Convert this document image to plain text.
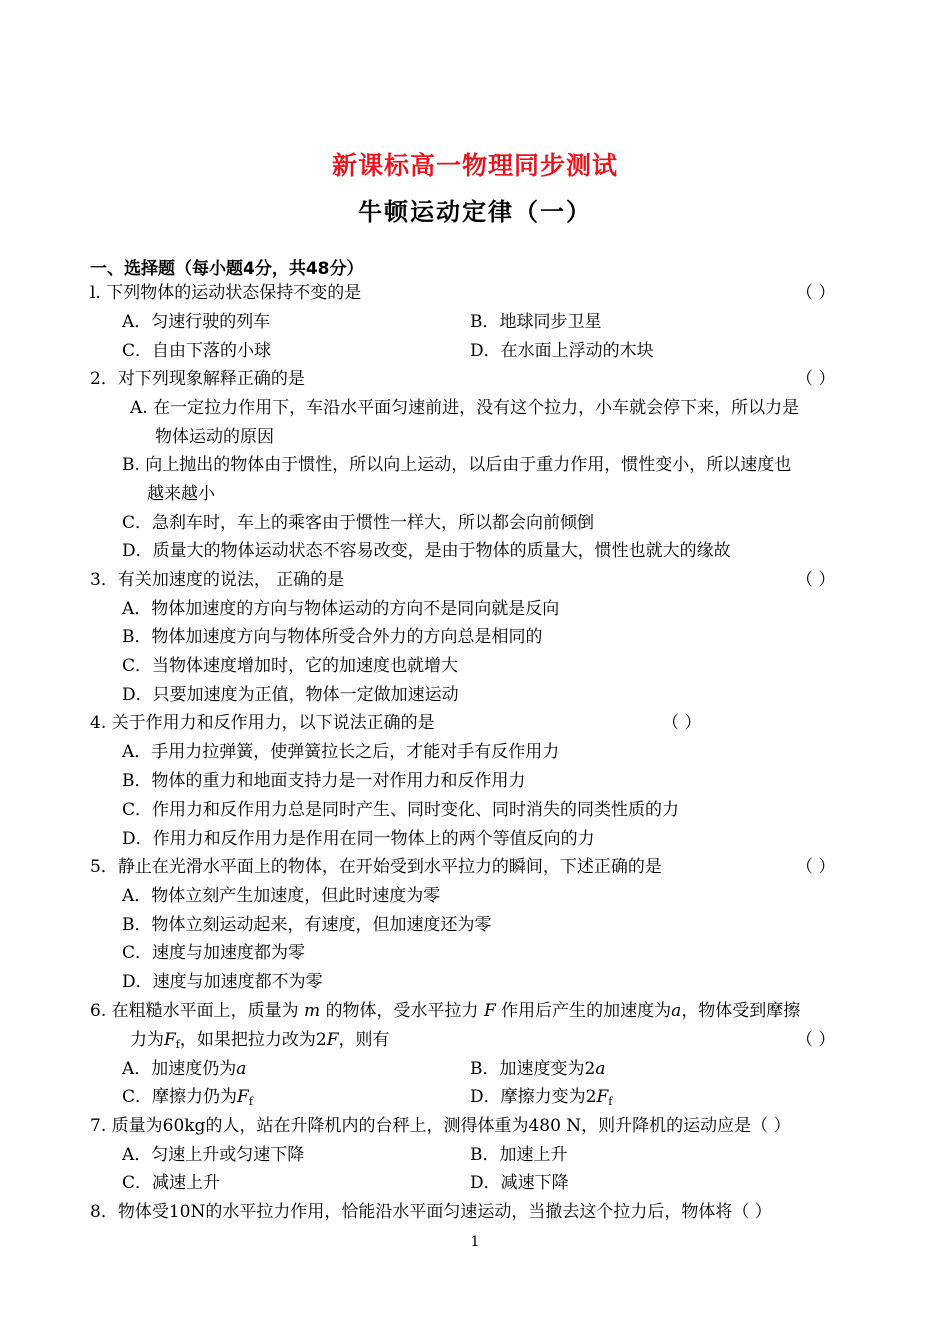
新课标高一物理同步测试
牛顿运动定律（一）
一、选择题（每小题4分，共48分）
l. 下列物体的运动状态保持不变的是	（ ）
A．匀速行驶的列车	B．地球同步卫星
C．自由下落的小球	D．在水面上浮动的木块
2．对下列现象解释正确的是	（ ）
A. 在一定拉力作用下，车沿水平面匀速前进，没有这个拉力，小车就会停下来，所以力是
物体运动的原因
B. 向上抛出的物体由于惯性，所以向上运动，以后由于重力作用，惯性变小，所以速度也
越来越小
C．急刹车时，车上的乘客由于惯性一样大，所以都会向前倾倒
D．质量大的物体运动状态不容易改变，是由于物体的质量大，惯性也就大的缘故
3．有关加速度的说法， 正确的是	（ ）
A．物体加速度的方向与物体运动的方向不是同向就是反向
B．物体加速度方向与物体所受合外力的方向总是相同的
C．当物体速度增加时，它的加速度也就增大
D．只要加速度为正值，物体一定做加速运动
4. 关于作用力和反作用力，以下说法正确的是	（ ）
A．手用力拉弹簧，使弹簧拉长之后，才能对手有反作用力
B．物体的重力和地面支持力是一对作用力和反作用力
C．作用力和反作用力总是同时产生、同时变化、同时消失的同类性质的力
D．作用力和反作用力是作用在同一物体上的两个等值反向的力
5．静止在光滑水平面上的物体，在开始受到水平拉力的瞬间，下述正确的是	（ ）
A．物体立刻产生加速度，但此时速度为零
B．物体立刻运动起来，有速度，但加速度还为零
C．速度与加速度都为零
D．速度与加速度都不为零
6. 在粗糙水平面上，质量为 m 的物体，受水平拉力 F 作用后产生的加速度为a，物体受到摩擦
力为$F_f$，如果把拉力改为2F，则有	（ ）
A．加速度仍为a	B．加速度变为2a
C．摩擦力仍为$F_f$	D．摩擦力变为$2F_f$
7. 质量为60kg的人，站在升降机内的台秤上，测得体重为480 N，则升降机的运动应是（ ）
A．匀速上升或匀速下降	B．加速上升
C．减速上升	D．减速下降
8．物体受10N的水平拉力作用，恰能沿水平面匀速运动，当撤去这个拉力后，物体将（ ）
1
